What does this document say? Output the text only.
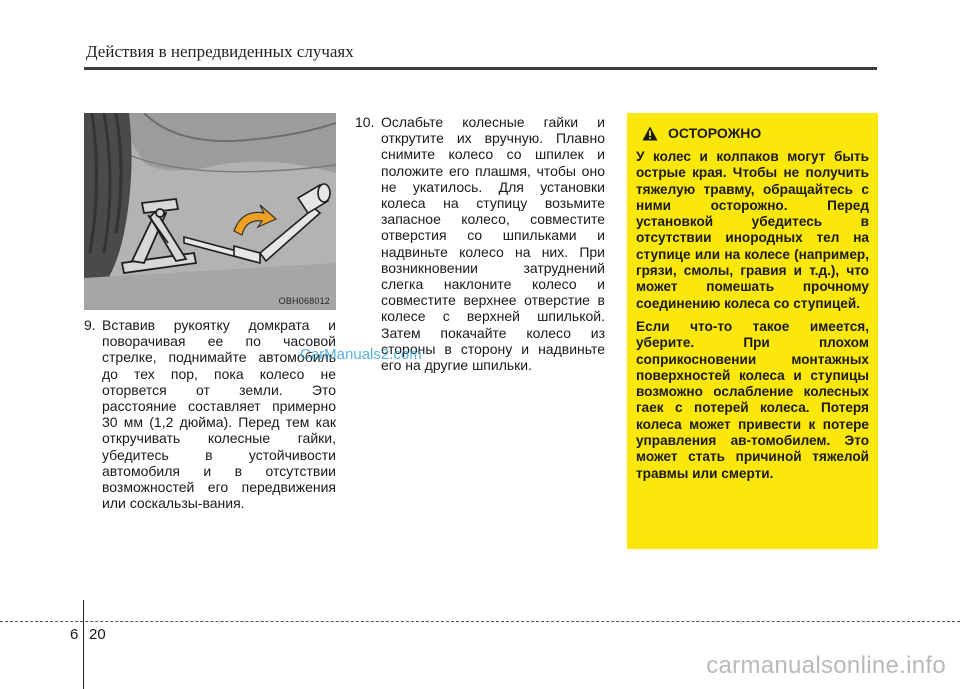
Действия в непредвиденных случаях
OBH068012
9. Вставив рукоятку домкрата и поворачивая ее по часовой стрелке, поднимайте автомобиль до тех пор, пока колесо не оторвется от земли. Это расстояние составляет примерно 30 мм (1,2 дюйма). Перед тем как откручивать колесные гайки, убедитесь в устойчивости автомобиля и в отсутствии возможностей его передвижения или соскальзы-вания.
10. Ослабьте колесные гайки и открутите их вручную. Плавно снимите колесо со шпилек и положите его плашмя, чтобы оно не укатилось. Для установки колеса на ступицу возьмите запасное колесо, совместите отверстия со шпильками и надвиньте колесо на них. При возникновении затруднений слегка наклоните колесо и совместите верхнее отверстие в колесе с верхней шпилькой. Затем покачайте колесо из стороны в сторону и надвиньте его на другие шпильки.
CarManuals2.com
ОСТОРОЖНО

У колес и колпаков могут быть острые края. Чтобы не получить тяжелую травму, обращайтесь с ними осторожно. Перед установкой убедитесь в отсутствии инородных тел на ступице или на колесе (например, грязи, смолы, гравия и т.д.), что может помешать прочному соединению колеса со ступицей.

Если что-то такое имеется, уберите. При плохом соприкосновении монтажных поверхностей колеса и ступицы возможно ослабление колесных гаек с потерей колеса. Потеря колеса может привести к потере управления ав-томобилем. Это может стать причиной тяжелой травмы или смерти.

6 20
carmanualsonline.info
